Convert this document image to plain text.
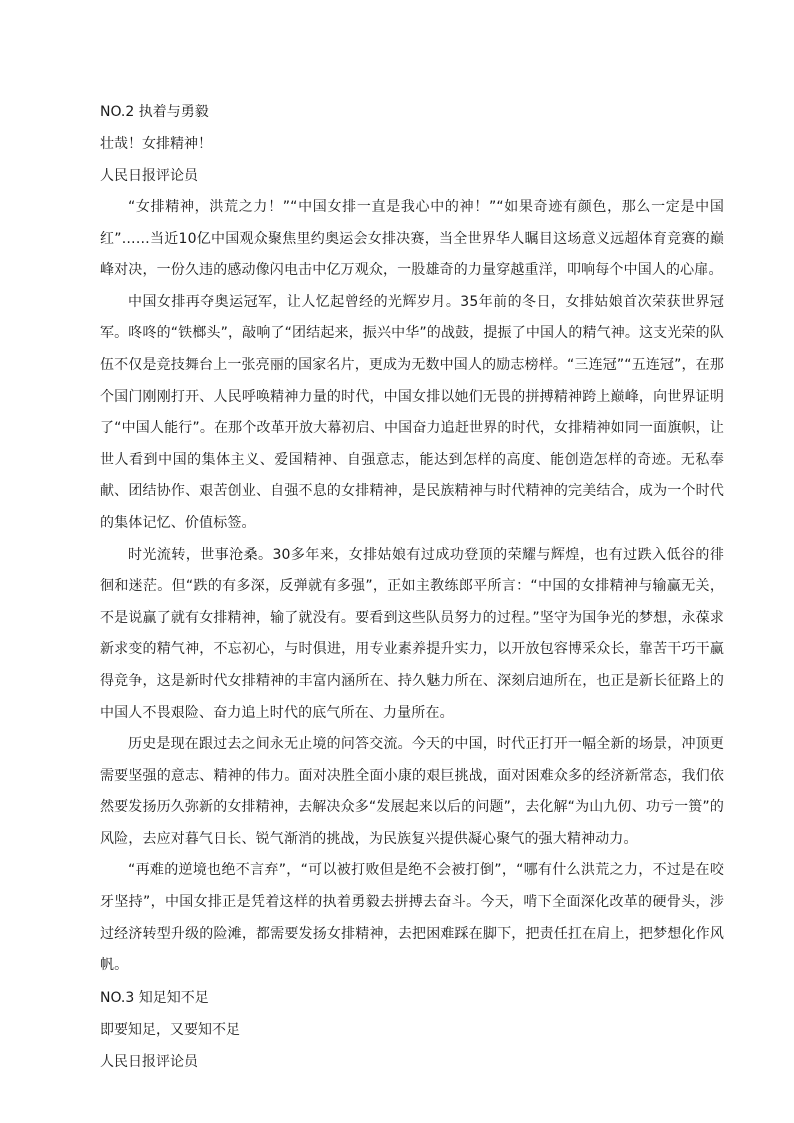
NO.2 执着与勇毅

壮哉！女排精神！

人民日报评论员

“女排精神，洪荒之力！”“中国女排一直是我心中的神！”“如果奇迹有颜色，那么一定是中国红”……当近10亿中国观众聚焦里约奥运会女排决赛，当全世界华人瞩目这场意义远超体育竞赛的巅峰对决，一份久违的感动像闪电击中亿万观众，一股雄奇的力量穿越重洋，叩响每个中国人的心扉。

中国女排再夺奥运冠军，让人忆起曾经的光辉岁月。35年前的冬日，女排姑娘首次荣获世界冠军。咚咚的“铁榔头”，敲响了“团结起来，振兴中华”的战鼓，提振了中国人的精气神。这支光荣的队伍不仅是竞技舞台上一张亮丽的国家名片，更成为无数中国人的励志榜样。“三连冠”“五连冠”，在那个国门刚刚打开、人民呼唤精神力量的时代，中国女排以她们无畏的拼搏精神跨上巅峰，向世界证明了“中国人能行”。在那个改革开放大幕初启、中国奋力追赶世界的时代，女排精神如同一面旗帜，让世人看到中国的集体主义、爱国精神、自强意志，能达到怎样的高度、能创造怎样的奇迹。无私奉献、团结协作、艰苦创业、自强不息的女排精神，是民族精神与时代精神的完美结合，成为一个时代的集体记忆、价值标签。

时光流转，世事沧桑。30多年来，女排姑娘有过成功登顶的荣耀与辉煌，也有过跌入低谷的徘徊和迷茫。但“跌的有多深，反弹就有多强”，正如主教练郎平所言：“中国的女排精神与输赢无关，不是说赢了就有女排精神，输了就没有。要看到这些队员努力的过程。”坚守为国争光的梦想，永葆求新求变的精气神，不忘初心，与时俱进，用专业素养提升实力，以开放包容博采众长，靠苦干巧干赢得竞争，这是新时代女排精神的丰富内涵所在、持久魅力所在、深刻启迪所在，也正是新长征路上的中国人不畏艰险、奋力追上时代的底气所在、力量所在。

历史是现在跟过去之间永无止境的问答交流。今天的中国，时代正打开一幅全新的场景，冲顶更需要坚强的意志、精神的伟力。面对决胜全面小康的艰巨挑战，面对困难众多的经济新常态，我们依然要发扬历久弥新的女排精神，去解决众多“发展起来以后的问题”，去化解“为山九仞、功亏一篑”的风险，去应对暮气日长、锐气渐消的挑战，为民族复兴提供凝心聚气的强大精神动力。

“再难的逆境也绝不言弃”，“可以被打败但是绝不会被打倒”，“哪有什么洪荒之力，不过是在咬牙坚持”，中国女排正是凭着这样的执着勇毅去拼搏去奋斗。今天，啃下全面深化改革的硬骨头，涉过经济转型升级的险滩，都需要发扬女排精神，去把困难踩在脚下，把责任扛在肩上，把梦想化作风帆。

NO.3 知足知不足

即要知足，又要知不足

人民日报评论员
